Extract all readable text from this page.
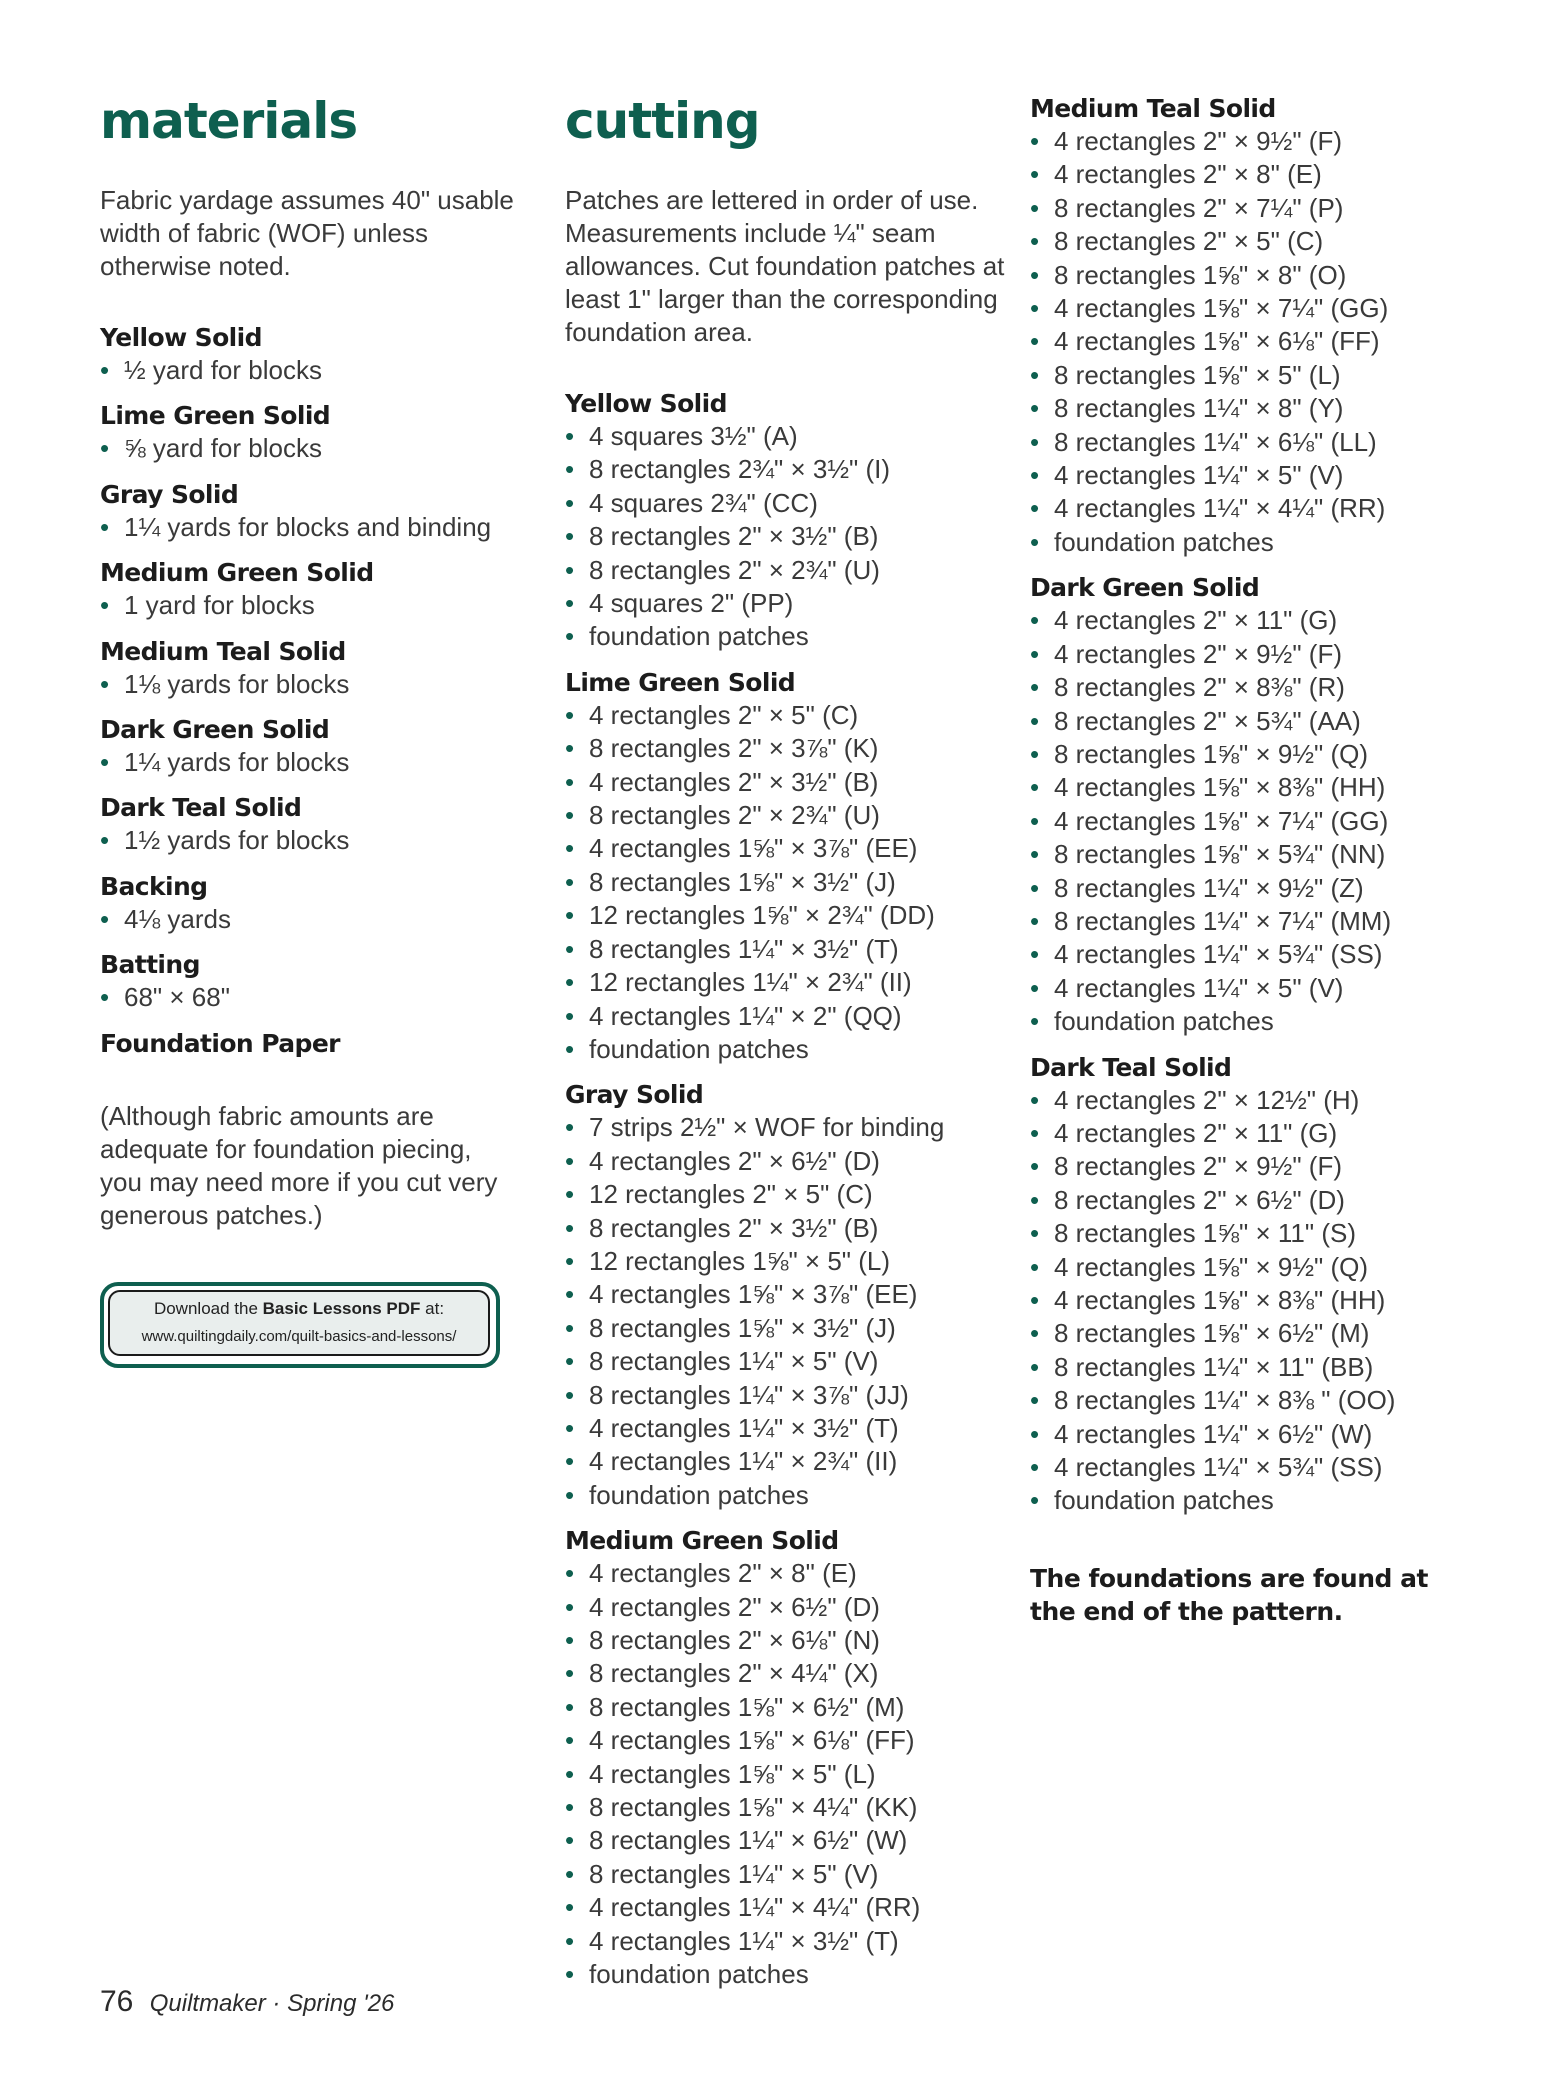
materials

Fabric yardage assumes 40" usable width of fabric (WOF) unless otherwise noted.

Yellow Solid
• ½ yard for blocks
Lime Green Solid
• ⅝ yard for blocks
Gray Solid
• 1¼ yards for blocks and binding
Medium Green Solid
• 1 yard for blocks
Medium Teal Solid
• 1⅛ yards for blocks
Dark Green Solid
• 1¼ yards for blocks
Dark Teal Solid
• 1½ yards for blocks
Backing
• 4⅛ yards
Batting
• 68" × 68"
Foundation Paper

(Although fabric amounts are adequate for foundation piecing, you may need more if you cut very generous patches.)

Download the Basic Lessons PDF at:
www.quiltingdaily.com/quilt-basics-and-lessons/
cutting

Patches are lettered in order of use. Measurements include ¼" seam allowances. Cut foundation patches at least 1" larger than the corresponding foundation area.

Yellow Solid
• 4 squares 3½" (A)
• 8 rectangles 2¾" × 3½" (I)
• 4 squares 2¾" (CC)
• 8 rectangles 2" × 3½" (B)
• 8 rectangles 2" × 2¾" (U)
• 4 squares 2" (PP)
• foundation patches
Lime Green Solid
• 4 rectangles 2" × 5" (C)
• 8 rectangles 2" × 3⅞" (K)
• 4 rectangles 2" × 3½" (B)
• 8 rectangles 2" × 2¾" (U)
• 4 rectangles 1⅝" × 3⅞" (EE)
• 8 rectangles 1⅝" × 3½" (J)
• 12 rectangles 1⅝" × 2¾" (DD)
• 8 rectangles 1¼" × 3½" (T)
• 12 rectangles 1¼" × 2¾" (II)
• 4 rectangles 1¼" × 2" (QQ)
• foundation patches
Gray Solid
• 7 strips 2½" × WOF for binding
• 4 rectangles 2" × 6½" (D)
• 12 rectangles 2" × 5" (C)
• 8 rectangles 2" × 3½" (B)
• 12 rectangles 1⅝" × 5" (L)
• 4 rectangles 1⅝" × 3⅞" (EE)
• 8 rectangles 1⅝" × 3½" (J)
• 8 rectangles 1¼" × 5" (V)
• 8 rectangles 1¼" × 3⅞" (JJ)
• 4 rectangles 1¼" × 3½" (T)
• 4 rectangles 1¼" × 2¾" (II)
• foundation patches
Medium Green Solid
• 4 rectangles 2" × 8" (E)
• 4 rectangles 2" × 6½" (D)
• 8 rectangles 2" × 6⅛" (N)
• 8 rectangles 2" × 4¼" (X)
• 8 rectangles 1⅝" × 6½" (M)
• 4 rectangles 1⅝" × 6⅛" (FF)
• 4 rectangles 1⅝" × 5" (L)
• 8 rectangles 1⅝" × 4¼" (KK)
• 8 rectangles 1¼" × 6½" (W)
• 8 rectangles 1¼" × 5" (V)
• 4 rectangles 1¼" × 4¼" (RR)
• 4 rectangles 1¼" × 3½" (T)
• foundation patches
Medium Teal Solid
• 4 rectangles 2" × 9½" (F)
• 4 rectangles 2" × 8" (E)
• 8 rectangles 2" × 7¼" (P)
• 8 rectangles 2" × 5" (C)
• 8 rectangles 1⅝" × 8" (O)
• 4 rectangles 1⅝" × 7¼" (GG)
• 4 rectangles 1⅝" × 6⅛" (FF)
• 8 rectangles 1⅝" × 5" (L)
• 8 rectangles 1¼" × 8" (Y)
• 8 rectangles 1¼" × 6⅛" (LL)
• 4 rectangles 1¼" × 5" (V)
• 4 rectangles 1¼" × 4¼" (RR)
• foundation patches
Dark Green Solid
• 4 rectangles 2" × 11" (G)
• 4 rectangles 2" × 9½" (F)
• 8 rectangles 2" × 8⅜" (R)
• 8 rectangles 2" × 5¾" (AA)
• 8 rectangles 1⅝" × 9½" (Q)
• 4 rectangles 1⅝" × 8⅜" (HH)
• 4 rectangles 1⅝" × 7¼" (GG)
• 8 rectangles 1⅝" × 5¾" (NN)
• 8 rectangles 1¼" × 9½" (Z)
• 8 rectangles 1¼" × 7¼" (MM)
• 4 rectangles 1¼" × 5¾" (SS)
• 4 rectangles 1¼" × 5" (V)
• foundation patches
Dark Teal Solid
• 4 rectangles 2" × 12½" (H)
• 4 rectangles 2" × 11" (G)
• 8 rectangles 2" × 9½" (F)
• 8 rectangles 2" × 6½" (D)
• 8 rectangles 1⅝" × 11" (S)
• 4 rectangles 1⅝" × 9½" (Q)
• 4 rectangles 1⅝" × 8⅜" (HH)
• 8 rectangles 1⅝" × 6½" (M)
• 8 rectangles 1¼" × 11" (BB)
• 8 rectangles 1¼" × 8⅜ " (OO)
• 4 rectangles 1¼" × 6½" (W)
• 4 rectangles 1¼" × 5¾" (SS)
• foundation patches
The foundations are found at the end of the pattern.
76 Quiltmaker · Spring '26
